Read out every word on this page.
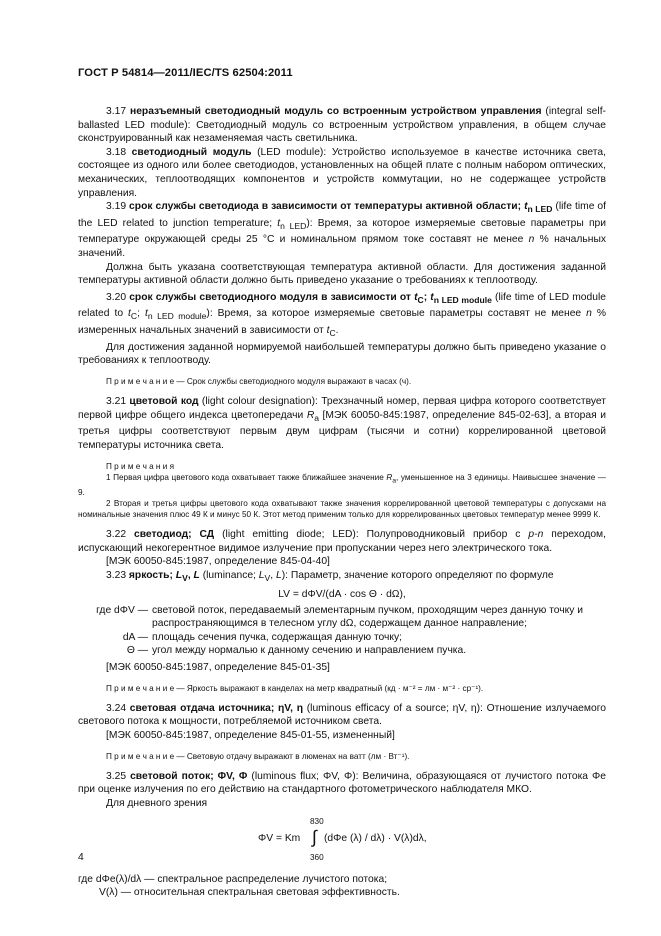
ГОСТ Р 54814—2011/IEC/TS 62504:2011

3.17 неразъемный светодиодный модуль со встроенным устройством управления (integral self-ballasted LED module): Светодиодный модуль со встроенным устройством управления, в общем случае сконструированный как незаменяемая часть светильника.

3.18 светодиодный модуль (LED module): Устройство используемое в качестве источника света, состоящее из одного или более светодиодов, установленных на общей плате с полным набором оптических, механических, теплоотводящих компонентов и устройств коммутации, но не содержащее устройств управления.

3.19 срок службы светодиода в зависимости от температуры активной области; $t_{n LED}$ (life time of the LED related to junction temperature; $t_{n LED}$): Время, за которое измеряемые световые параметры при температуре окружающей среды 25 °С и номинальном прямом токе составят не менее n % начальных значений.

Должна быть указана соответствующая температура активной области. Для достижения заданной температуры активной области должно быть приведено указание о требованиях к теплоотводу.

3.20 срок службы светодиодного модуля в зависимости от $t_C$; $t_{n LED module}$ (life time of LED module related to $t_C$; $t_{n LED module}$): Время, за которое измеряемые световые параметры составят не менее n % измеренных начальных значений в зависимости от $t_C$.

Для достижения заданной нормируемой наибольшей температуры должно быть приведено указание о требованиях к теплоотводу.

П р и м е ч а н и е — Срок службы светодиодного модуля выражают в часах (ч).

3.21 цветовой код (light colour designation): Трехзначный номер, первая цифра которого соответствует первой цифре общего индекса цветопередачи $R_a$ [МЭК 60050-845:1987, определение 845-02-63], а вторая и третья цифры соответствуют первым двум цифрам (тысячи и сотни) коррелированной цветовой температуры источника света.

П р и м е ч а н и я

1 Первая цифра цветового кода охватывает также ближайшее значение $R_a$, уменьшенное на 3 единицы. Наивысшее значение — 9.

2 Вторая и третья цифры цветового кода охватывают также значения коррелированной цветовой температуры с допусками на номинальные значения плюс 49 К и минус 50 К. Этот метод применим только для коррелированных цветовых температур менее 9999 К.

3.22 светодиод; СД (light emitting diode; LED): Полупроводниковый прибор с p-n переходом, испускающий некогерентное видимое излучение при пропускании через него электрического тока.

[МЭК 60050-845:1987, определение 845-04-40]

3.23 яркость; $L_V$, L (luminance; $L_V$, L): Параметр, значение которого определяют по формуле

LV = dΦV/(dA · cos Θ · dΩ),
где dΦV — световой поток, передаваемый элементарным пучком, проходящим через данную точку и распространяющимся в телесном углу dΩ, содержащем данное направление;
dA — площадь сечения пучка, содержащая данную точку;
Θ — угол между нормалью к данному сечению и направлением пучка.

[МЭК 60050-845:1987, определение 845-01-35]

П р и м е ч а н и е — Яркость выражают в канделах на метр квадратный (кд · м⁻² = лм · м⁻² · ср⁻¹).

3.24 световая отдача источника; ηV, η (luminous efficacy of a source; ηV, η): Отношение излучаемого светового потока к мощности, потребляемой источником света.

[МЭК 60050-845:1987, определение 845-01-55, измененный]

П р и м е ч а н и е — Световую отдачу выражают в люменах на ватт (лм · Вт⁻¹).

3.25 световой поток; ΦV, Φ (luminous flux; ΦV, Φ): Величина, образующаяся от лучистого потока Φe при оценке излучения по его действию на стандартного фотометрического наблюдателя МКО.

Для дневного зрения

830
ΦV = Km ∫ (dΦe (λ) / dλ) · V(λ)dλ,
360

где dΦe(λ)/dλ — спектральное распределение лучистого потока;

V(λ) — относительная спектральная световая эффективность.

4
